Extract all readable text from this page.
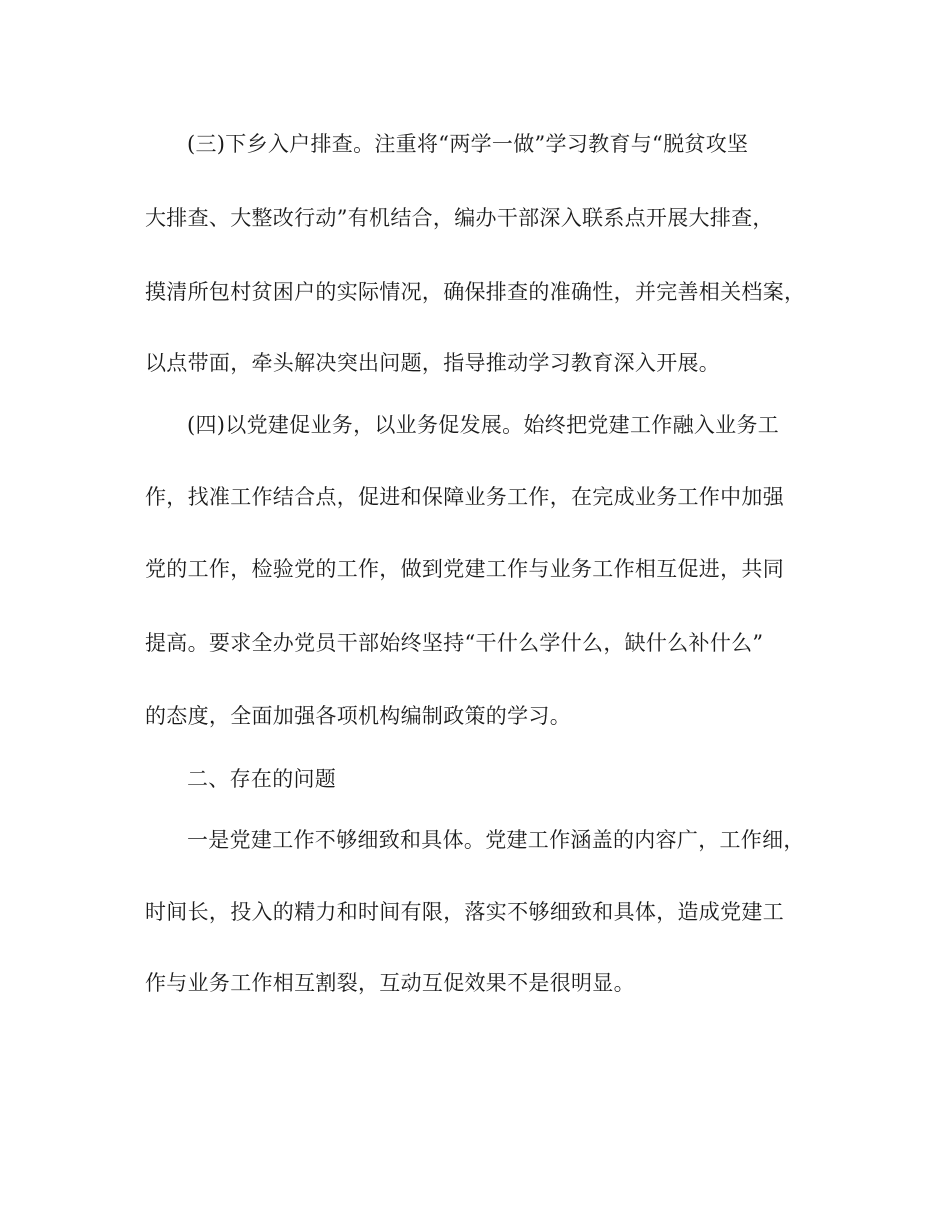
(三)下乡入户排查。注重将“两学一做”学习教育与“脱贫攻坚
大排查、大整改行动”有机结合，编办干部深入联系点开展大排查，
摸清所包村贫困户的实际情况，确保排查的准确性，并完善相关档案，
以点带面，牵头解决突出问题，指导推动学习教育深入开展。
(四)以党建促业务，以业务促发展。始终把党建工作融入业务工
作，找准工作结合点，促进和保障业务工作，在完成业务工作中加强
党的工作，检验党的工作，做到党建工作与业务工作相互促进，共同
提高。要求全办党员干部始终坚持“干什么学什么，缺什么补什么”
的态度，全面加强各项机构编制政策的学习。
二、存在的问题
一是党建工作不够细致和具体。党建工作涵盖的内容广，工作细，
时间长，投入的精力和时间有限，落实不够细致和具体，造成党建工
作与业务工作相互割裂，互动互促效果不是很明显。
